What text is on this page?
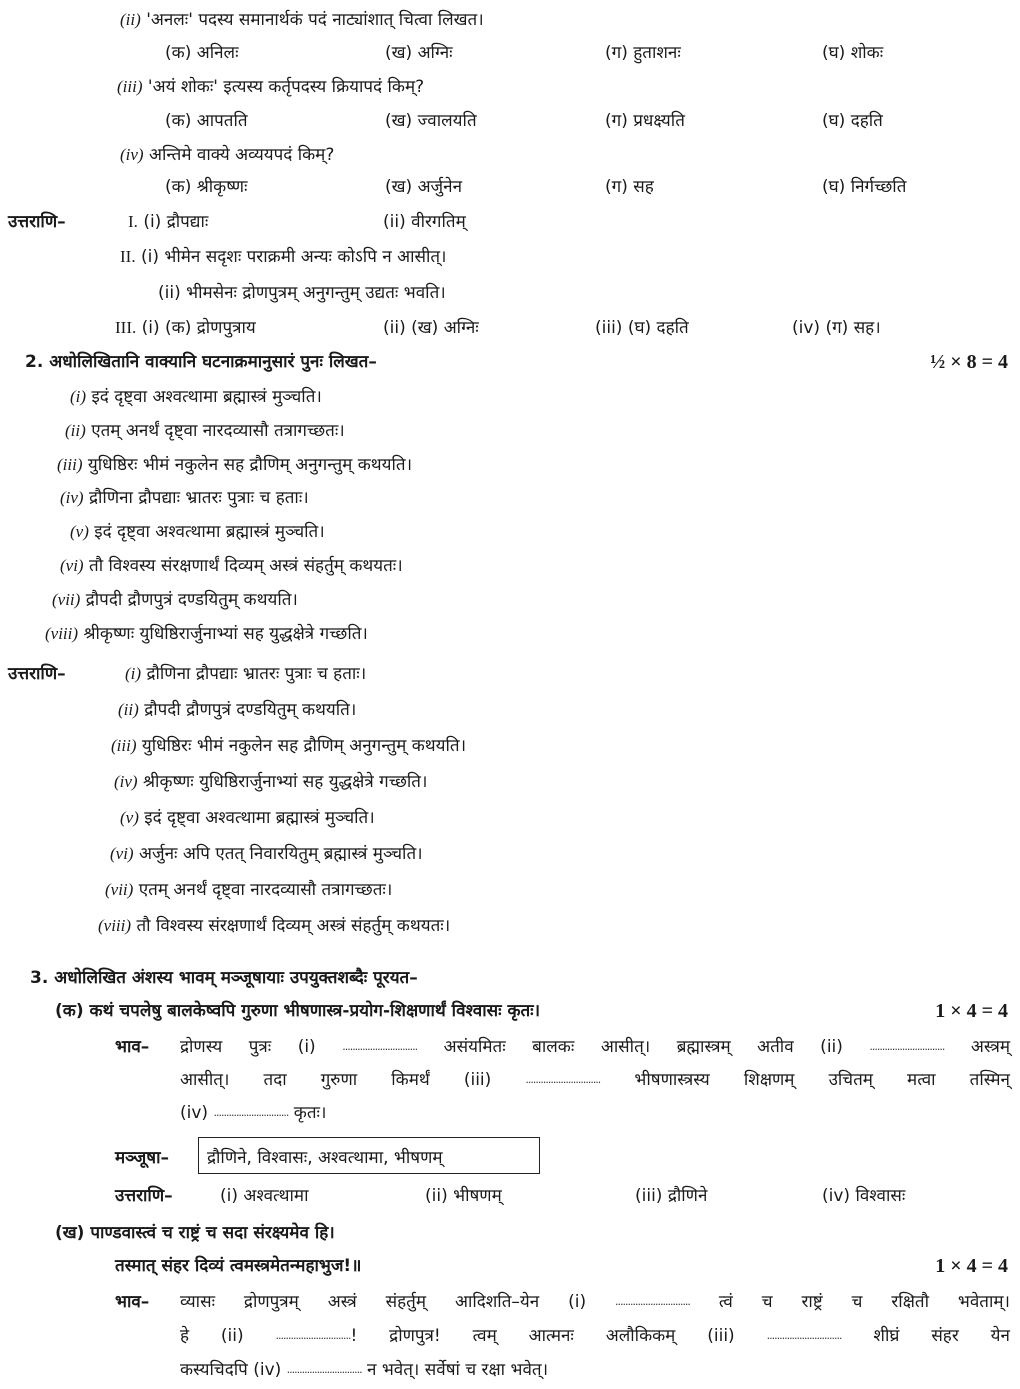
(ii) 'अनलः' पदस्य समानार्थकं पदं नाट्यांशात् चित्वा लिखत।
(क) अनिलः	(ख) अग्निः	(ग) हुताशनः	(घ) शोकः
(iii) 'अयं शोकः' इत्यस्य कर्तृपदस्य क्रियापदं किम्?
(क) आपतति	(ख) ज्वालयति	(ग) प्रधक्ष्यति	(घ) दहति
(iv) अन्तिमे वाक्ये अव्ययपदं किम्?
(क) श्रीकृष्णः	(ख) अर्जुनेन	(ग) सह	(घ) निर्गच्छति
उत्तराणि–	I. (i) द्रौपद्याः	(ii) वीरगतिम्
II. (i) भीमेन सदृशः पराक्रमी अन्यः कोऽपि न आसीत्।
(ii) भीमसेनः द्रोणपुत्रम् अनुगन्तुम् उद्यतः भवति।
III. (i) (क) द्रोणपुत्राय	(ii) (ख) अग्निः	(iii) (घ) दहति	(iv) (ग) सह।
2. अधोलिखितानि वाक्यानि घटनाक्रमानुसारं पुनः लिखत–	½ × 8 = 4
(i) इदं दृष्ट्वा अश्वत्थामा ब्रह्मास्त्रं मुञ्चति।
(ii) एतम् अनर्थं दृष्ट्वा नारदव्यासौ तत्रागच्छतः।
(iii) युधिष्ठिरः भीमं नकुलेन सह द्रौणिम् अनुगन्तुम् कथयति।
(iv) द्रौणिना द्रौपद्याः भ्रातरः पुत्राः च हताः।
(v) इदं दृष्ट्वा अश्वत्थामा ब्रह्मास्त्रं मुञ्चति।
(vi) तौ विश्वस्य संरक्षणार्थं दिव्यम् अस्त्रं संहर्तुम् कथयतः।
(vii) द्रौपदी द्रौणपुत्रं दण्डयितुम् कथयति।
(viii) श्रीकृष्णः युधिष्ठिरार्जुनाभ्यां सह युद्धक्षेत्रे गच्छति।
उत्तराणि–	(i) द्रौणिना द्रौपद्याः भ्रातरः पुत्राः च हताः।
(ii) द्रौपदी द्रौणपुत्रं दण्डयितुम् कथयति।
(iii) युधिष्ठिरः भीमं नकुलेन सह द्रौणिम् अनुगन्तुम् कथयति।
(iv) श्रीकृष्णः युधिष्ठिरार्जुनाभ्यां सह युद्धक्षेत्रे गच्छति।
(v) इदं दृष्ट्वा अश्वत्थामा ब्रह्मास्त्रं मुञ्चति।
(vi) अर्जुनः अपि एतत् निवारयितुम् ब्रह्मास्त्रं मुञ्चति।
(vii) एतम् अनर्थं दृष्ट्वा नारदव्यासौ तत्रागच्छतः।
(viii) तौ विश्वस्य संरक्षणार्थं दिव्यम् अस्त्रं संहर्तुम् कथयतः।
3. अधोलिखित अंशस्य भावम् मञ्जूषायाः उपयुक्तशब्दैः पूरयत–
(क) कथं चपलेषु बालकेष्वपि गुरुणा भीषणास्त्र-प्रयोग-शिक्षणार्थं विश्वासः कृतः।	1 × 4 = 4
भाव– द्रोणस्य पुत्रः (i) .............................. असंयमितः बालकः आसीत्। ब्रह्मास्त्रम् अतीव (ii) .............................. अस्त्रम्
आसीत्। तदा गुरुणा किमर्थं (iii)	.............................. भीषणास्त्रस्य शिक्षणम् उचितम् मत्वा तस्मिन्
(iv) .............................. कृतः।
मञ्जूषा– द्रौणिने, विश्वासः, अश्वत्थामा, भीषणम्
उत्तराणि–	(i) अश्वत्थामा	(ii) भीषणम्	(iii) द्रौणिने	(iv) विश्वासः
(ख) पाण्डवास्त्वं च राष्ट्रं च सदा संरक्ष्यमेव हि।
तस्मात् संहर दिव्यं त्वमस्त्रमेतन्महाभुज!॥	1 × 4 = 4
भाव– व्यासः द्रोणपुत्रम् अस्त्रं संहर्तुम् आदिशति–येन (i)	.............................. त्वं च राष्ट्रं च रक्षितौ भवेताम्।
हे (ii)	..............................! द्रोणपुत्र! त्वम् आत्मनः अलौकिकम् (iii)	.............................. शीघ्रं संहर येन
कस्यचिदपि (iv) .............................. न भवेत्। सर्वेषां च रक्षा भवेत्।
